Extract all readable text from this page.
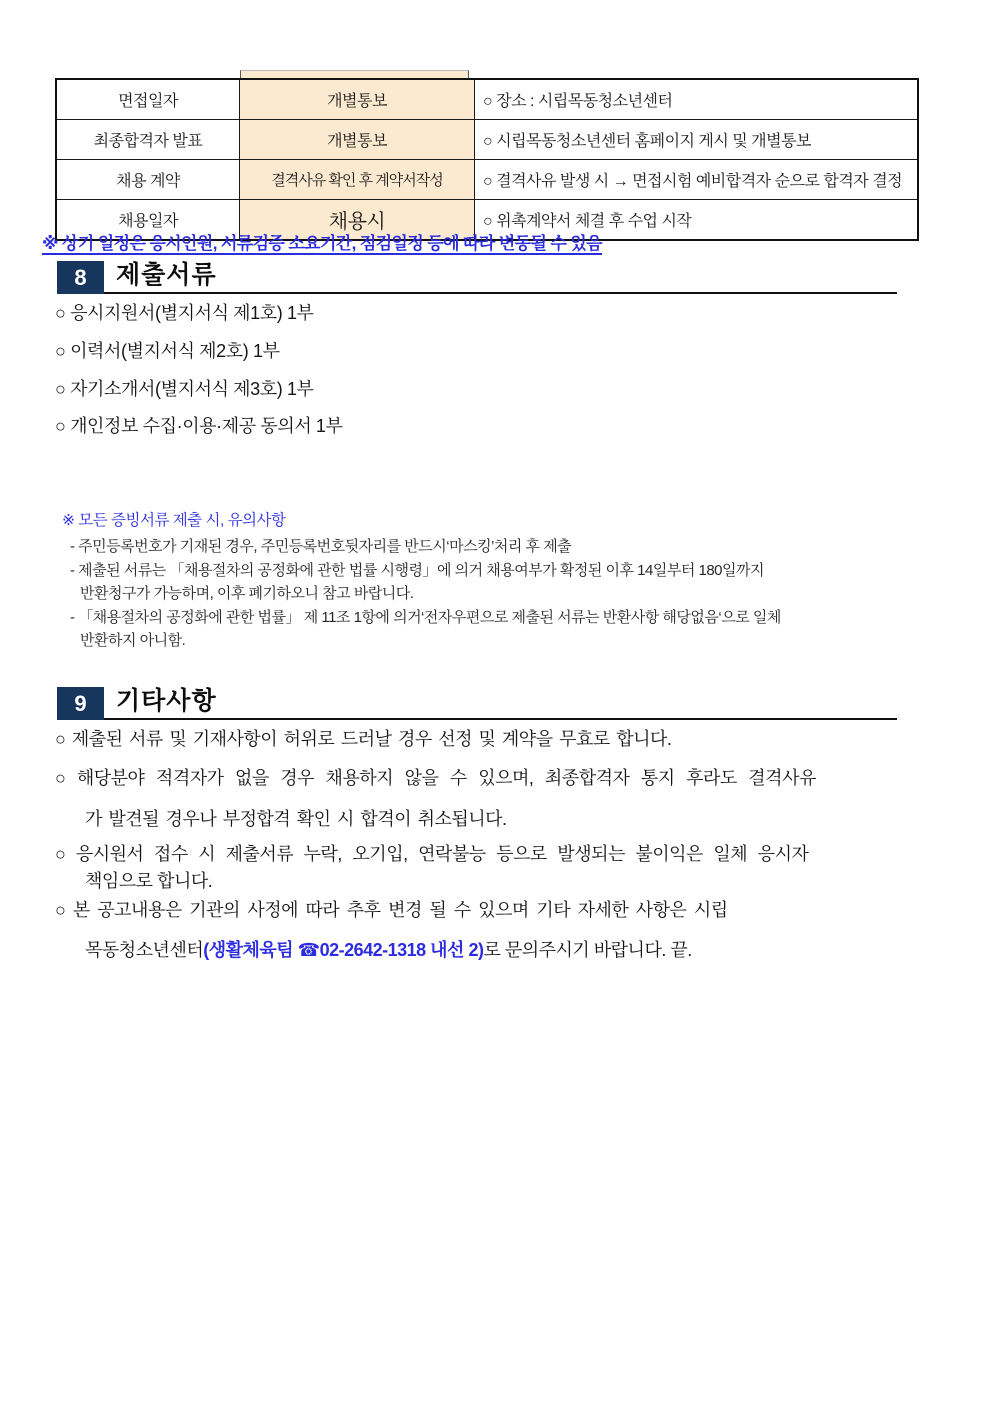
면접일자	개별통보	○ 장소 : 시립목동청소년센터
최종합격자 발표	개별통보	○ 시립목동청소년센터 홈페이지 게시 및 개별통보
채용 계약	결격사유 확인 후 계약서작성	○ 결격사유 발생 시 → 면접시험 예비합격자 순으로 합격자 결정
채용일자	채용시	○ 위촉계약서 체결 후 수업 시작
※ 상기 일정은 응시인원, 서류검증 소요기간, 점검일정 등에 따라 변동될 수 있음
8 제출서류
○ 응시지원서(별지서식 제1호) 1부
○ 이력서(별지서식 제2호) 1부
○ 자기소개서(별지서식 제3호) 1부
○ 개인정보 수집·이용·제공 동의서 1부
※ 모든 증빙서류 제출 시, 유의사항
- 주민등록번호가 기재된 경우, 주민등록번호뒷자리를 반드시‘마스킹’처리 후 제출
- 제출된 서류는 「채용절차의 공정화에 관한 법률 시행령」에 의거 채용여부가 확정된 이후 14일부터 180일까지
반환청구가 가능하며, 이후 폐기하오니 참고 바랍니다.
- 「채용절차의 공정화에 관한 법률」 제 11조 1항에 의거‘전자우편으로 제출된 서류는 반환사항 해당없음‘으로 일체
반환하지 아니함.
9 기타사항
○ 제출된 서류 및 기재사항이 허위로 드러날 경우 선정 및 계약을 무효로 합니다.
○ 해당분야 적격자가 없을 경우 채용하지 않을 수 있으며, 최종합격자 통지 후라도 결격사유
가 발견될 경우나 부정합격 확인 시 합격이 취소됩니다.
○ 응시원서 접수 시 제출서류 누락, 오기입, 연락불능 등으로 발생되는 불이익은 일체 응시자
책임으로 합니다.
○ 본 공고내용은 기관의 사정에 따라 추후 변경 될 수 있으며 기타 자세한 사항은 시립
목동청소년센터(생활체육팀 ☎02-2642-1318 내선 2)로 문의주시기 바랍니다. 끝.
